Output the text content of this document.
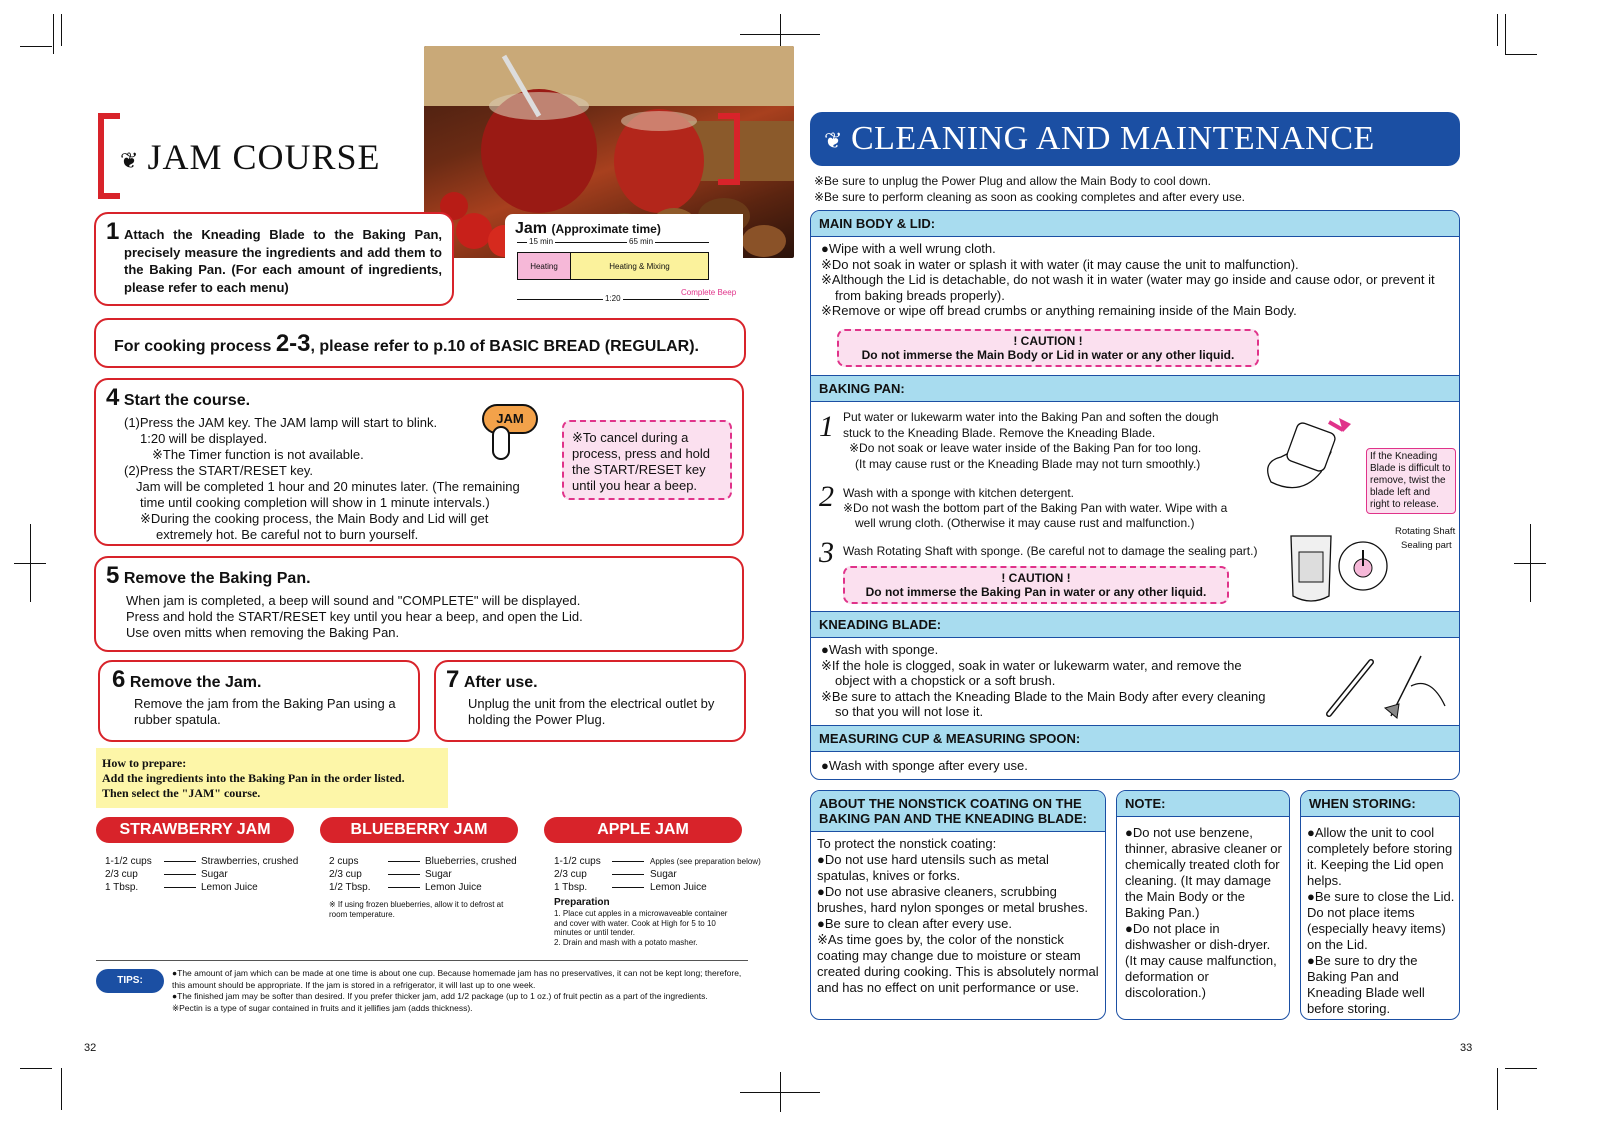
❦ JAM COURSE
Jam (Approximate time)
15 min	65 min
Heating	Heating & Mixing
Complete Beep
1:20
1 Attach the Kneading Blade to the Baking Pan, precisely measure the ingredients and add them to the Baking Pan. (For each amount of ingredients, please refer to each menu)
For cooking process 2-3, please refer to p.10 of BASIC BREAD (REGULAR).
4 Start the course.
(1)Press the JAM key. The JAM lamp will start to blink.
1:20 will be displayed.
※The Timer function is not available.
(2)Press the START/RESET key.
Jam will be completed 1 hour and 20 minutes later. (The remaining
time until cooking completion will show in 1 minute intervals.)
※During the cooking process, the Main Body and Lid will get
extremely hot. Be careful not to burn yourself.
JAM
※To cancel during a process, press and hold the START/RESET key until you hear a beep.
5 Remove the Baking Pan.
When jam is completed, a beep will sound and "COMPLETE" will be displayed.
Press and hold the START/RESET key until you hear a beep, and open the Lid.
Use oven mitts when removing the Baking Pan.
6 Remove the Jam.
Remove the jam from the Baking Pan using a rubber spatula.
7 After use.
Unplug the unit from the electrical outlet by holding the Power Plug.
How to prepare:
Add the ingredients into the Baking Pan in the order listed.
Then select the "JAM" course.
STRAWBERRY JAM	BLUEBERRY JAM	APPLE JAM
1-1/2 cups	Strawberries, crushed
2/3 cup	Sugar
1 Tbsp.	Lemon Juice
2 cups	Blueberries, crushed
2/3 cup	Sugar
1/2 Tbsp.	Lemon Juice
※ If using frozen blueberries, allow it to defrost at room temperature.
1-1/2 cups	Apples (see preparation below)
2/3 cup	Sugar
1 Tbsp.	Lemon Juice
Preparation
1. Place cut apples in a microwaveable container and cover with water. Cook at High for 5 to 10 minutes or until tender.
2. Drain and mash with a potato masher.
TIPS:
●The amount of jam which can be made at one time is about one cup. Because homemade jam has no preservatives, it can not be kept long; therefore, this amount should be appropriate. If the jam is stored in a refrigerator, it will last up to one week.
●The finished jam may be softer than desired. If you prefer thicker jam, add 1/2 package (up to 1 oz.) of fruit pectin as a part of the ingredients.
※Pectin is a type of sugar contained in fruits and it jellifies jam (adds thickness).
32
❦ CLEANING AND MAINTENANCE
※Be sure to unplug the Power Plug and allow the Main Body to cool down.
※Be sure to perform cleaning as soon as cooking completes and after every use.
MAIN BODY & LID:
●Wipe with a well wrung cloth.
※Do not soak in water or splash it with water (it may cause the unit to malfunction).
※Although the Lid is detachable, do not wash it in water (water may go inside and cause odor, or prevent it
from baking breads properly).
※Remove or wipe off bread crumbs or anything remaining inside of the Main Body.
! CAUTION !
Do not immerse the Main Body or Lid in water or any other liquid.
BAKING PAN:
1 Put water or lukewarm water into the Baking Pan and soften the dough
stuck to the Kneading Blade. Remove the Kneading Blade.
※Do not soak or leave water inside of the Baking Pan for too long.
(It may cause rust or the Kneading Blade may not turn smoothly.)
2 Wash with a sponge with kitchen detergent.
※Do not wash the bottom part of the Baking Pan with water. Wipe with a
well wrung cloth. (Otherwise it may cause rust and malfunction.)
3 Wash Rotating Shaft with sponge. (Be careful not to damage the sealing part.)
! CAUTION !
Do not immerse the Baking Pan in water or any other liquid.
If the Kneading Blade is difficult to remove, twist the blade left and right to release.
Rotating Shaft
Sealing part
KNEADING BLADE:
●Wash with sponge.
※If the hole is clogged, soak in water or lukewarm water, and remove the
object with a chopstick or a soft brush.
※Be sure to attach the Kneading Blade to the Main Body after every cleaning
so that you will not lose it.
MEASURING CUP & MEASURING SPOON:
●Wash with sponge after every use.
ABOUT THE NONSTICK COATING ON THE BAKING PAN AND THE KNEADING BLADE:
To protect the nonstick coating:
●Do not use hard utensils such as metal spatulas, knives or forks.
●Do not use abrasive cleaners, scrubbing brushes, hard nylon sponges or metal brushes.
●Be sure to clean after every use.
※As time goes by, the color of the nonstick coating may change due to moisture or steam created during cooking. This is absolutely normal and has no effect on unit performance or use.
NOTE:
●Do not use benzene, thinner, abrasive cleaner or chemically treated cloth for cleaning. (It may damage the Main Body or the Baking Pan.)
●Do not place in dishwasher or dish-dryer. (It may cause malfunction, deformation or discoloration.)
WHEN STORING:
●Allow the unit to cool completely before storing it. Keeping the Lid open helps.
●Be sure to close the Lid. Do not place items (especially heavy items) on the Lid.
●Be sure to dry the Baking Pan and Kneading Blade well before storing.
33
